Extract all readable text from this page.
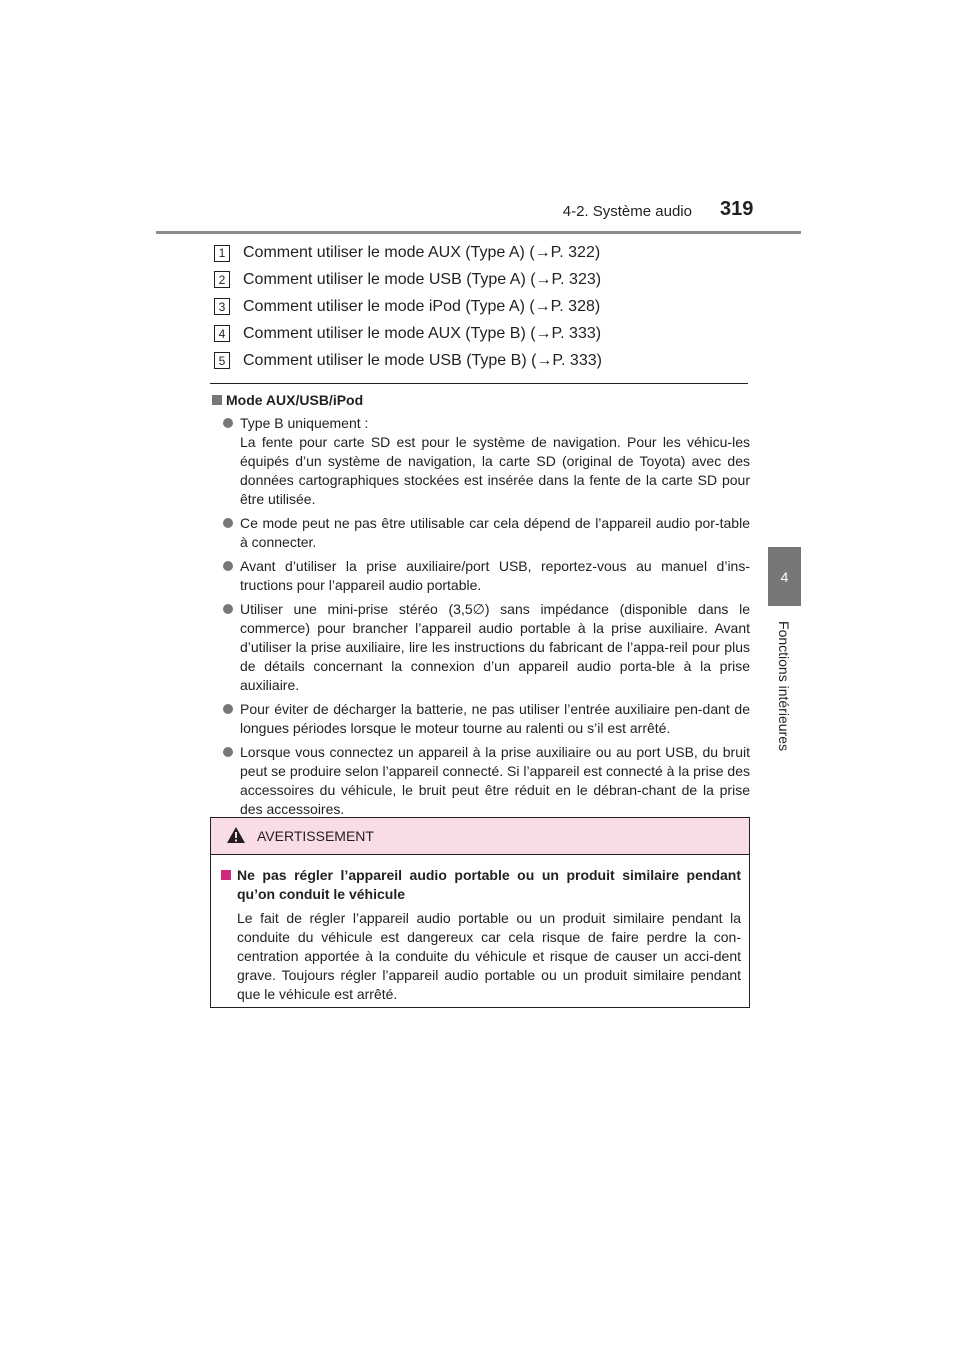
4-2. Système audio 319
4
Fonctions intérieures
1 Comment utiliser le mode AUX (Type A) (→P. 322)
2 Comment utiliser le mode USB (Type A) (→P. 323)
3 Comment utiliser le mode iPod (Type A) (→P. 328)
4 Comment utiliser le mode AUX (Type B) (→P. 333)
5 Comment utiliser le mode USB (Type B) (→P. 333)
Mode AUX/USB/iPod
Type B uniquement :
La fente pour carte SD est pour le système de navigation. Pour les véhicu-les équipés d’un système de navigation, la carte SD (original de Toyota) avec des données cartographiques stockées est insérée dans la fente de la carte SD pour être utilisée.
Ce mode peut ne pas être utilisable car cela dépend de l’appareil audio por-table à connecter.
Avant d’utiliser la prise auxiliaire/port USB, reportez-vous au manuel d’ins-tructions pour l’appareil audio portable.
Utiliser une mini-prise stéréo (3,5∅) sans impédance (disponible dans le commerce) pour brancher l’appareil audio portable à la prise auxiliaire. Avant d’utiliser la prise auxiliaire, lire les instructions du fabricant de l’appa-reil pour plus de détails concernant la connexion d’un appareil audio porta-ble à la prise auxiliaire.
Pour éviter de décharger la batterie, ne pas utiliser l’entrée auxiliaire pen-dant de longues périodes lorsque le moteur tourne au ralenti ou s’il est arrêté.
Lorsque vous connectez un appareil à la prise auxiliaire ou au port USB, du bruit peut se produire selon l’appareil connecté. Si l’appareil est connecté à la prise des accessoires du véhicule, le bruit peut être réduit en le débran-chant de la prise des accessoires.
AVERTISSEMENT
Ne pas régler l’appareil audio portable ou un produit similaire pendant qu’on conduit le véhicule
Le fait de régler l’appareil audio portable ou un produit similaire pendant la conduite du véhicule est dangereux car cela risque de faire perdre la con-centration apportée à la conduite du véhicule et risque de causer un acci-dent grave. Toujours régler l’appareil audio portable ou un produit similaire pendant que le véhicule est arrêté.
